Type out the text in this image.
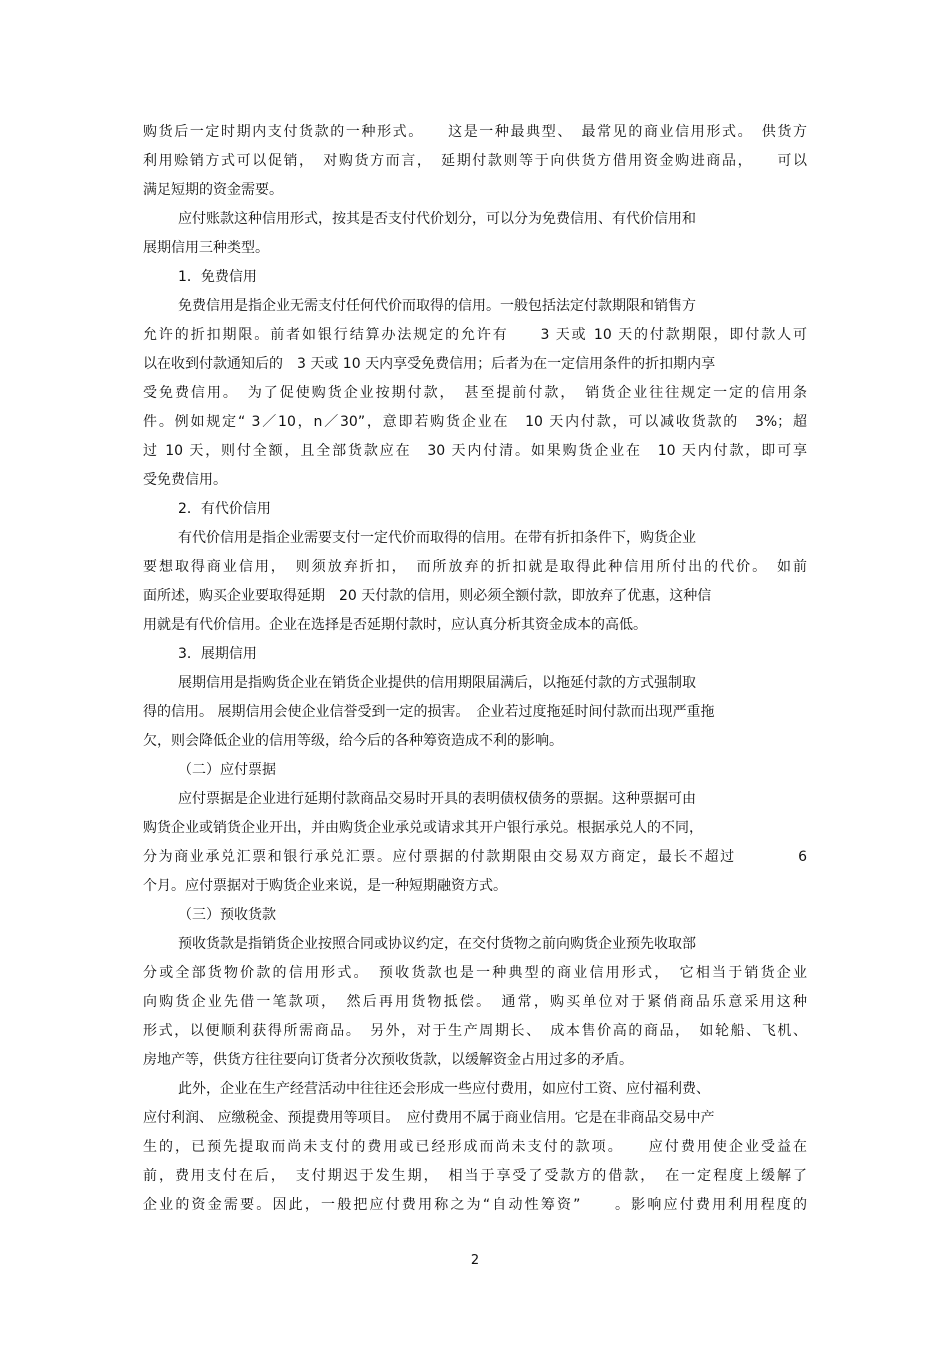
购货后一定时期内支付货款的一种形式。　　这是一种最典型、　最常见的商业信用形式。　供货方
利用赊销方式可以促销，　对购货方而言，　延期付款则等于向供货方借用资金购进商品，　　可以
满足短期的资金需要。
应付账款这种信用形式，按其是否支付代价划分，可以分为免费信用、有代价信用和
展期信用三种类型。
1．免费信用
免费信用是指企业无需支付任何代价而取得的信用。一般包括法定付款期限和销售方
允许的折扣期限。前者如银行结算办法规定的允许有　　3 天或 10 天的付款期限，即付款人可
以在收到付款通知后的　3 天或 10 天内享受免费信用；后者为在一定信用条件的折扣期内享
受免费信用。　为了促使购货企业按期付款，　甚至提前付款，　销货企业往往规定一定的信用条
件。例如规定“ 3／10，n／30”，意即若购货企业在　10 天内付款，可以减收货款的　3%；超
过 10 天，则付全额，且全部货款应在　30 天内付清。如果购货企业在　10 天内付款，即可享
受免费信用。
2．有代价信用
有代价信用是指企业需要支付一定代价而取得的信用。在带有折扣条件下，购货企业
要想取得商业信用，　则须放弃折扣，　而所放弃的折扣就是取得此种信用所付出的代价。　如前
面所述，购买企业要取得延期　20 天付款的信用，则必须全额付款，即放弃了优惠，这种信
用就是有代价信用。企业在选择是否延期付款时，应认真分析其资金成本的高低。
3．展期信用
展期信用是指购货企业在销货企业提供的信用期限届满后，以拖延付款的方式强制取
得的信用。 展期信用会使企业信誉受到一定的损害。　企业若过度拖延时间付款而出现严重拖
欠，则会降低企业的信用等级，给今后的各种筹资造成不利的影响。
（二）应付票据
应付票据是企业进行延期付款商品交易时开具的表明债权债务的票据。这种票据可由
购货企业或销货企业开出，并由购货企业承兑或请求其开户银行承兑。根据承兑人的不同，
分为商业承兑汇票和银行承兑汇票。应付票据的付款期限由交易双方商定，最长不超过　　　　6
个月。应付票据对于购货企业来说，是一种短期融资方式。
（三）预收货款
预收货款是指销货企业按照合同或协议约定，在交付货物之前向购货企业预先收取部
分或全部货物价款的信用形式。　预收货款也是一种典型的商业信用形式，　它相当于销货企业
向购货企业先借一笔款项，　然后再用货物抵偿。　通常，购买单位对于紧俏商品乐意采用这种
形式，以便顺利获得所需商品。　另外，对于生产周期长、　成本售价高的商品，　如轮船、飞机、
房地产等，供货方往往要向订货者分次预收货款，以缓解资金占用过多的矛盾。
此外，企业在生产经营活动中往往还会形成一些应付费用，如应付工资、应付福利费、
应付利润、 应缴税金、预提费用等项目。　应付费用不属于商业信用。它是在非商品交易中产
生的，已预先提取而尚未支付的费用或已经形成而尚未支付的款项。　　应付费用使企业受益在
前，费用支付在后，　支付期迟于发生期，　相当于享受了受款方的借款，　在一定程度上缓解了
企业的资金需要。因此，一般把应付费用称之为“自动性筹资”　　。影响应付费用利用程度的
2
